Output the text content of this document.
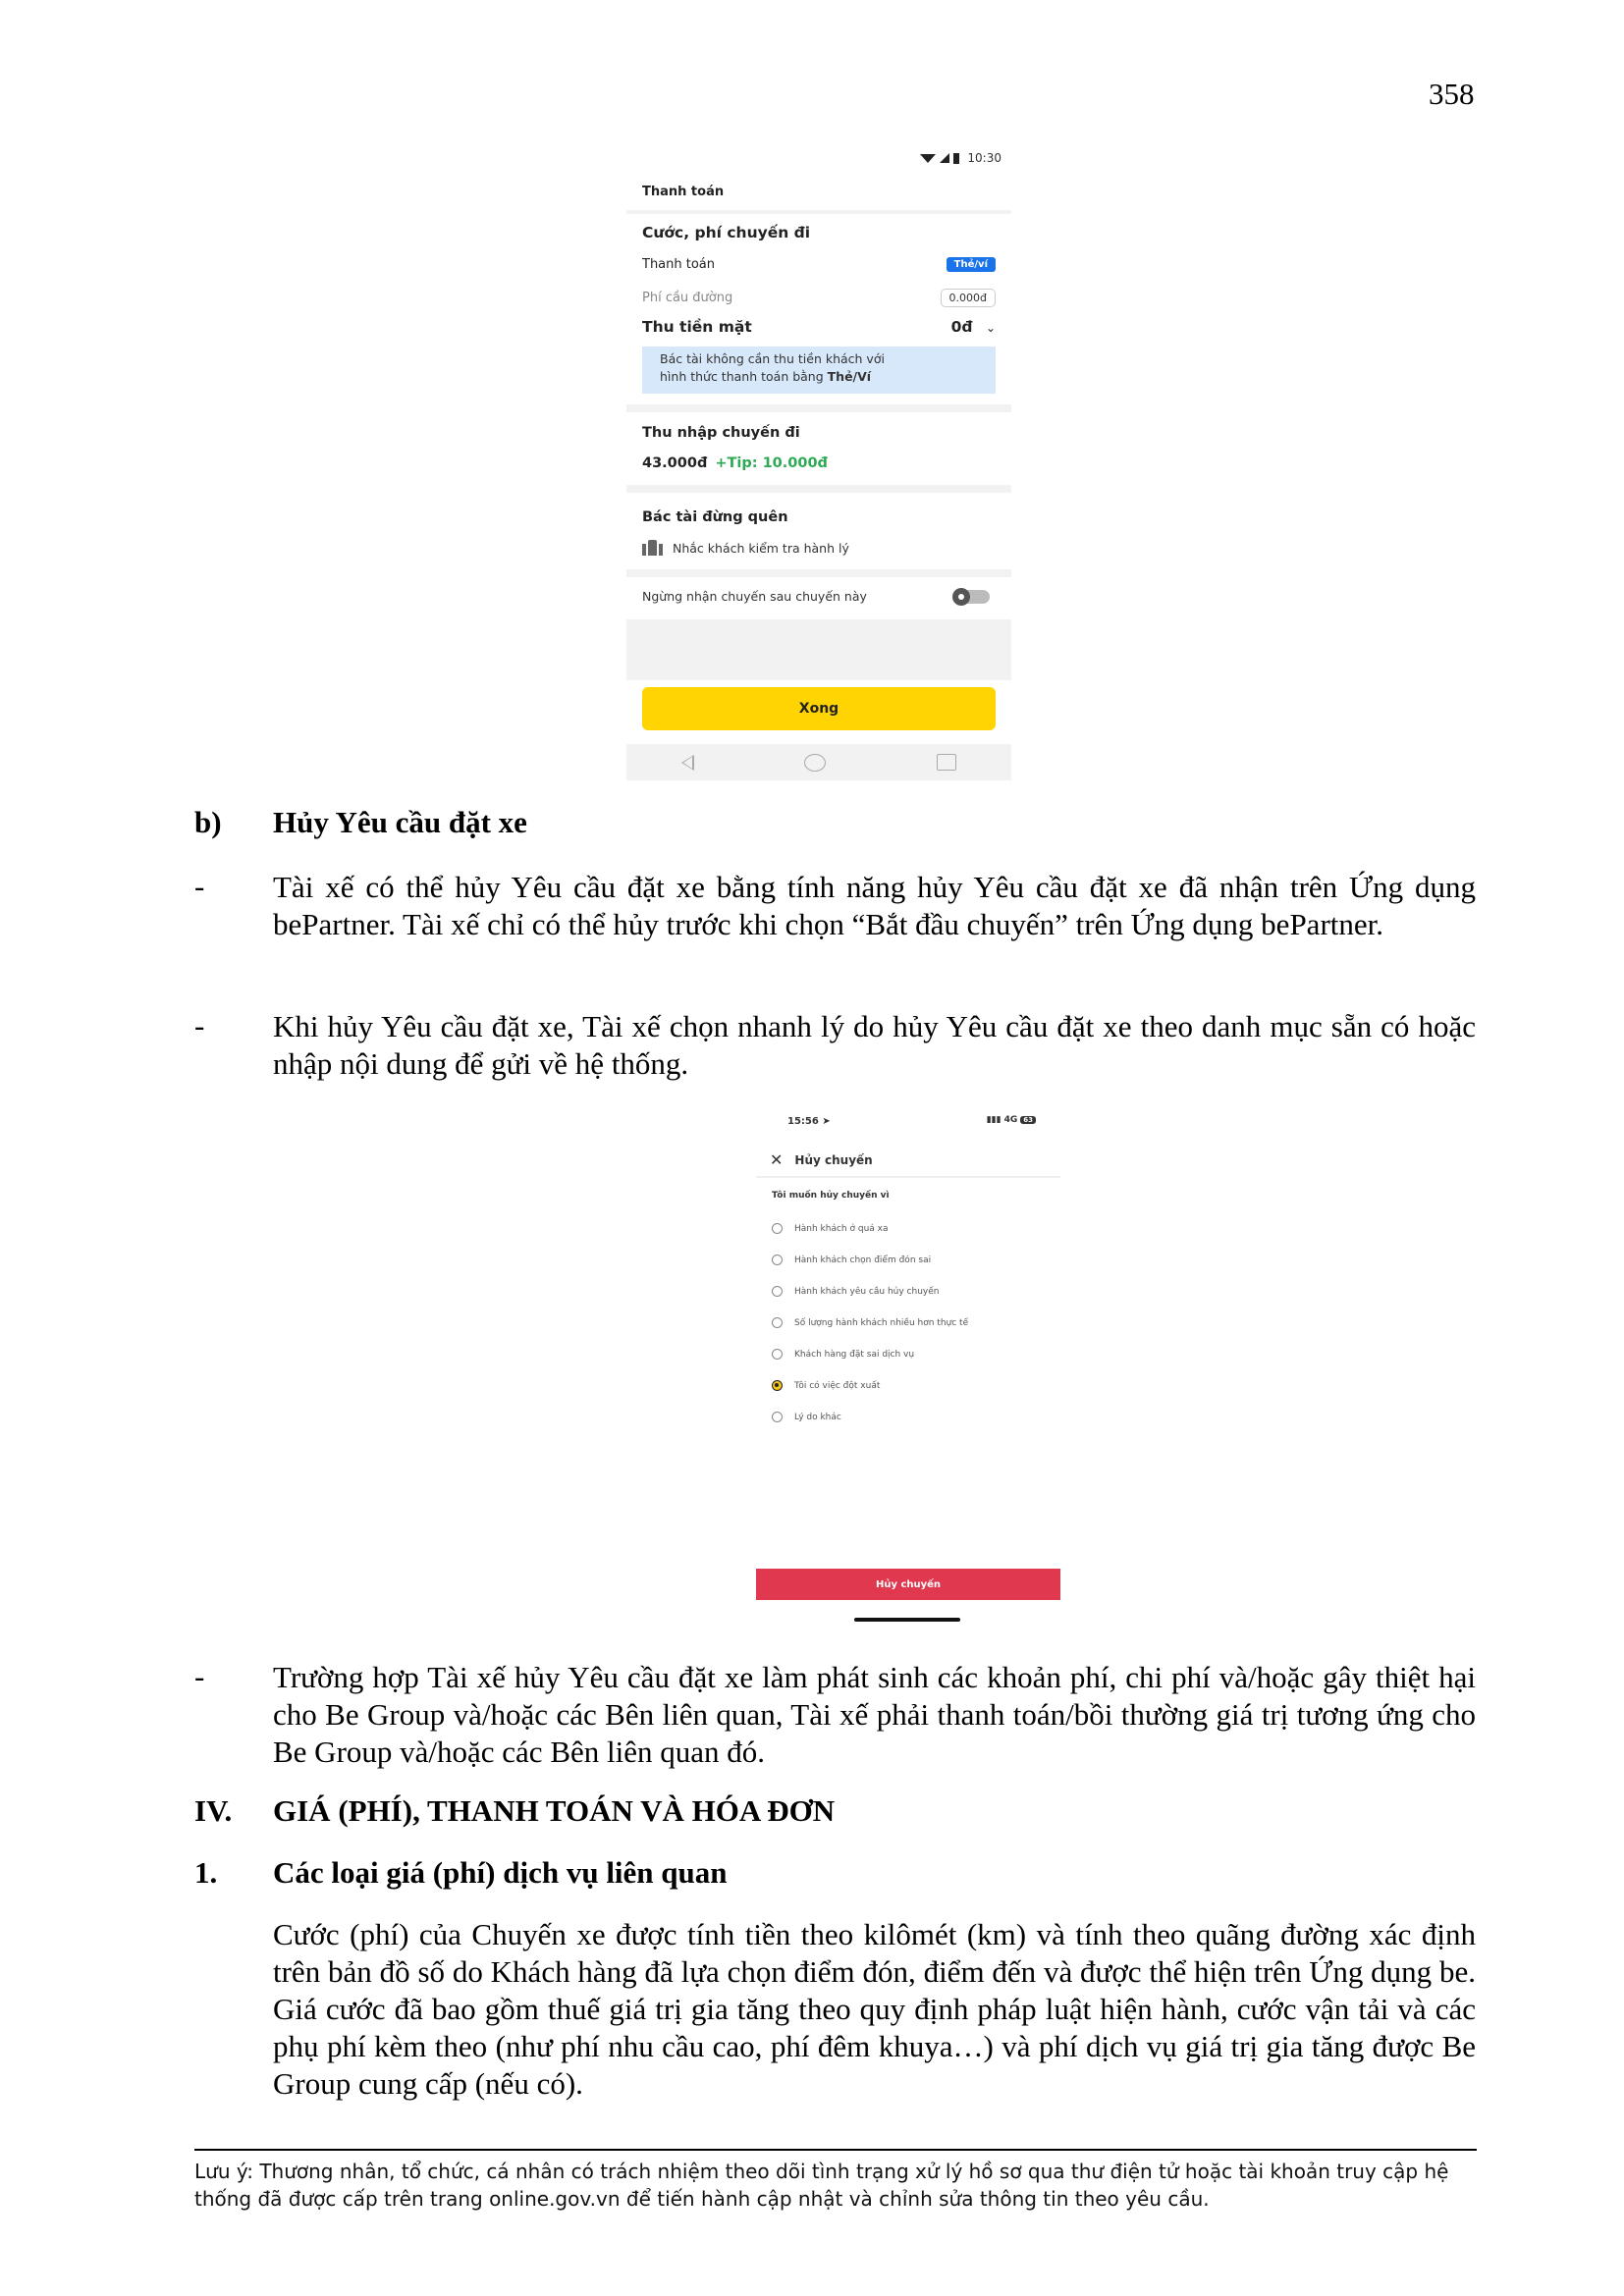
358
10:30
Thanh toán
Cước, phí chuyến đi
Thanh toán	Thẻ/ví
Phí cầu đường	0.000đ
Thu tiền mặt	0đ ⌄
Bác tài không cần thu tiền khách với
hình thức thanh toán bằng Thẻ/Ví
Thu nhập chuyến đi
43.000đ +Tip: 10.000đ
Bác tài đừng quên
Nhắc khách kiểm tra hành lý
Ngừng nhận chuyến sau chuyến này
Xong
b) Hủy Yêu cầu đặt xe
- Tài xế có thể hủy Yêu cầu đặt xe bằng tính năng hủy Yêu cầu đặt xe đã nhận trên Ứng dụng bePartner. Tài xế chỉ có thể hủy trước khi chọn “Bắt đầu chuyến” trên Ứng dụng bePartner.
- Khi hủy Yêu cầu đặt xe, Tài xế chọn nhanh lý do hủy Yêu cầu đặt xe theo danh mục sẵn có hoặc nhập nội dung để gửi về hệ thống.
15:56 ➤	▮▮▮ 4G 63
✕ Hủy chuyến
Tôi muốn hủy chuyến vì
Hành khách ở quá xa
Hành khách chọn điểm đón sai
Hành khách yêu cầu hủy chuyến
Số lượng hành khách nhiều hơn thực tế
Khách hàng đặt sai dịch vụ
Tôi có việc đột xuất
Lý do khác
Hủy chuyến
- Trường hợp Tài xế hủy Yêu cầu đặt xe làm phát sinh các khoản phí, chi phí và/hoặc gây thiệt hại cho Be Group và/hoặc các Bên liên quan, Tài xế phải thanh toán/bồi thường giá trị tương ứng cho Be Group và/hoặc các Bên liên quan đó.
IV. GIÁ (PHÍ), THANH TOÁN VÀ HÓA ĐƠN
1. Các loại giá (phí) dịch vụ liên quan
Cước (phí) của Chuyến xe được tính tiền theo kilômét (km) và tính theo quãng đường xác định trên bản đồ số do Khách hàng đã lựa chọn điểm đón, điểm đến và được thể hiện trên Ứng dụng be. Giá cước đã bao gồm thuế giá trị gia tăng theo quy định pháp luật hiện hành, cước vận tải và các phụ phí kèm theo (như phí nhu cầu cao, phí đêm khuya…) và phí dịch vụ giá trị gia tăng được Be Group cung cấp (nếu có).
Lưu ý: Thương nhân, tổ chức, cá nhân có trách nhiệm theo dõi tình trạng xử lý hồ sơ qua thư điện tử hoặc tài khoản truy cập hệ thống đã được cấp trên trang online.gov.vn để tiến hành cập nhật và chỉnh sửa thông tin theo yêu cầu.
